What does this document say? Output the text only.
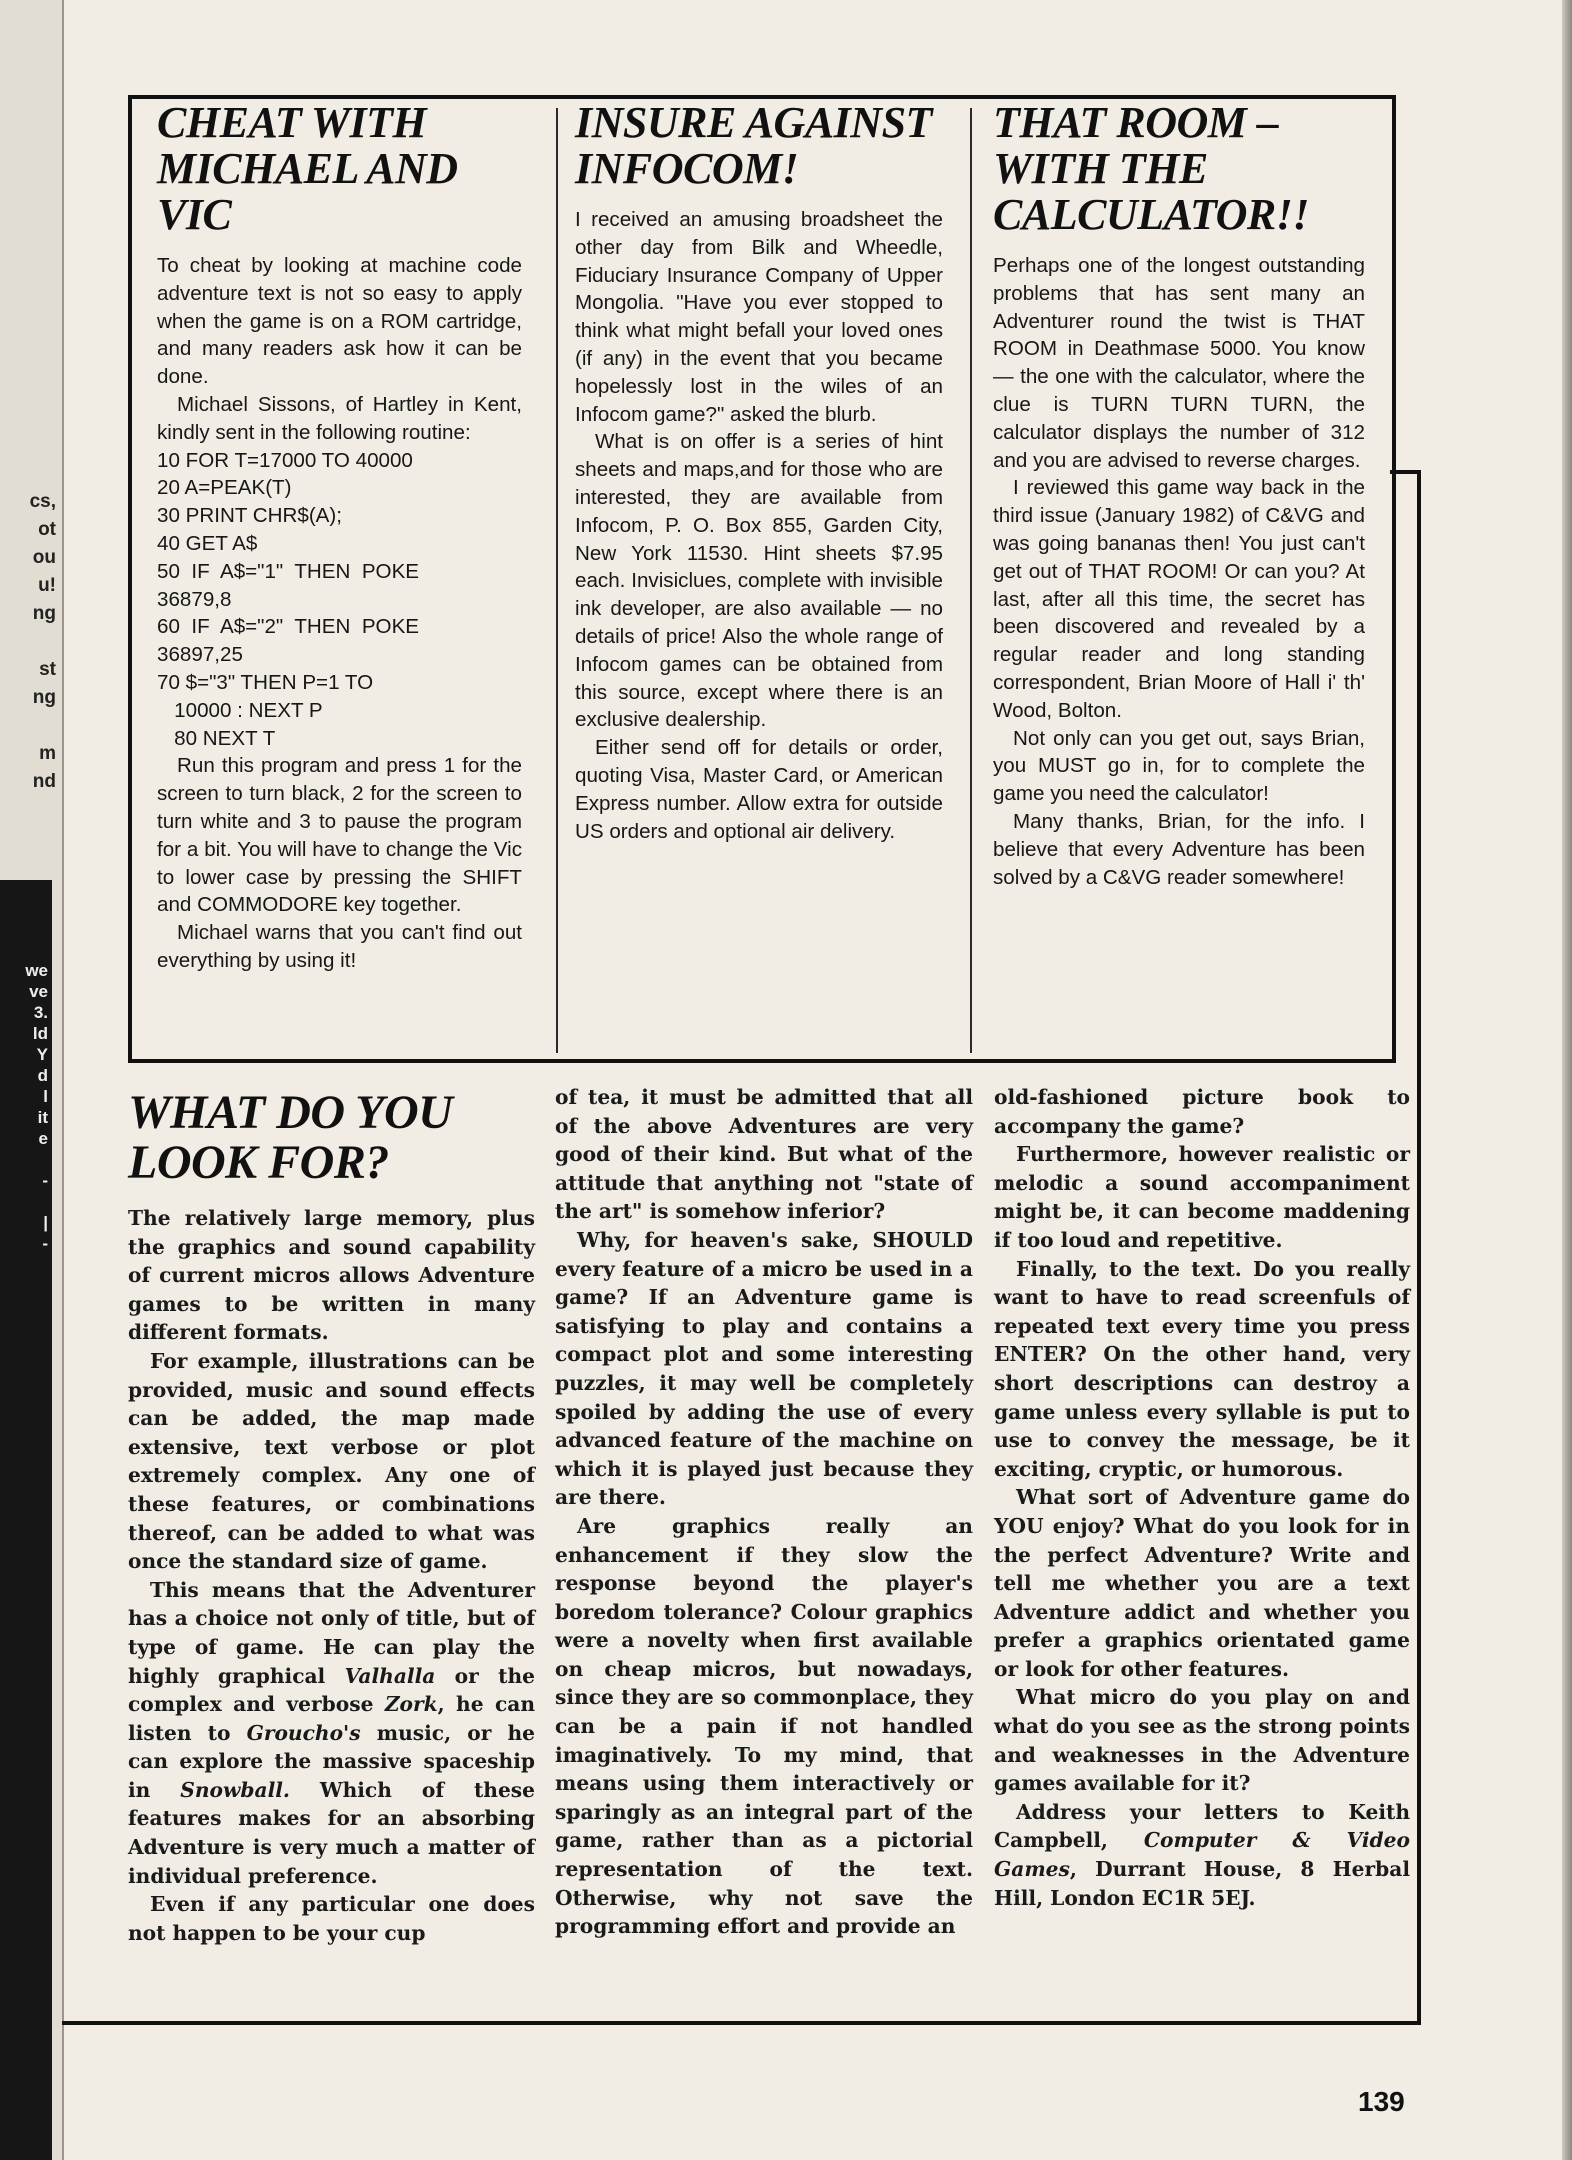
cs,
ot
ou
u!
ng

st
ng

m
nd
we
ve
3.
ld
Y
d
l
it
e

-

|
-
CHEAT WITH MICHAEL AND VIC

To cheat by looking at machine code adventure text is not so easy to apply when the game is on a ROM cartridge, and many readers ask how it can be done.

Michael Sissons, of Hartley in Kent, kindly sent in the following routine:

10 FOR T=17000 TO 40000
20 A=PEAK(T)
30 PRINT CHR$(A);
40 GET A$
50  IF  A$="1"  THEN  POKE
36879,8
60  IF  A$="2"  THEN  POKE
36897,25
70 $="3" THEN P=1 TO
10000 : NEXT P
80 NEXT T

Run this program and press 1 for the screen to turn black, 2 for the screen to turn white and 3 to pause the program for a bit. You will have to change the Vic to lower case by pressing the SHIFT and COMMODORE key together.

Michael warns that you can't find out everything by using it!

INSURE AGAINST INFOCOM!

I received an amusing broadsheet the other day from Bilk and Wheedle, Fiduciary Insurance Company of Upper Mongolia. "Have you ever stopped to think what might befall your loved ones (if any) in the event that you became hopelessly lost in the wiles of an Infocom game?" asked the blurb.

What is on offer is a series of hint sheets and maps,and for those who are interested, they are available from Infocom, P. O. Box 855, Garden City, New York 11530. Hint sheets $7.95 each. Invisiclues, complete with invisible ink developer, are also available — no details of price! Also the whole range of Infocom games can be obtained from this source, except where there is an exclusive dealership.

Either send off for details or order, quoting Visa, Master Card, or American Express number. Allow extra for outside US orders and optional air delivery.

THAT ROOM – WITH THE CALCULATOR!!

Perhaps one of the longest outstanding problems that has sent many an Adventurer round the twist is THAT ROOM in Deathmase 5000. You know — the one with the calculator, where the clue is TURN TURN TURN, the calculator displays the number of 312 and you are advised to reverse charges.

I reviewed this game way back in the third issue (January 1982) of C&VG and was going bananas then! You just can't get out of THAT ROOM! Or can you? At last, after all this time, the secret has been discovered and revealed by a regular reader and long standing correspondent, Brian Moore of Hall i' th' Wood, Bolton.

Not only can you get out, says Brian, you MUST go in, for to complete the game you need the calculator!

Many thanks, Brian, for the info. I believe that every Adventure has been solved by a C&VG reader somewhere!

WHAT DO YOU LOOK FOR?

The relatively large memory, plus the graphics and sound capability of current micros allows Adventure games to be written in many different formats.

For example, illustrations can be provided, music and sound effects can be added, the map made extensive, text verbose or plot extremely complex. Any one of these features, or combinations thereof, can be added to what was once the standard size of game.

This means that the Adventurer has a choice not only of title, but of type of game. He can play the highly graphical Valhalla or the complex and verbose Zork, he can listen to Groucho's music, or he can explore the massive spaceship in Snowball. Which of these features makes for an absorbing Adventure is very much a matter of individual preference.

Even if any particular one does not happen to be your cup

of tea, it must be admitted that all of the above Adventures are very good of their kind. But what of the attitude that anything not "state of the art" is somehow inferior?

Why, for heaven's sake, SHOULD every feature of a micro be used in a game? If an Adventure game is satisfying to play and contains a compact plot and some interesting puzzles, it may well be completely spoiled by adding the use of every advanced feature of the machine on which it is played just because they are there.

Are graphics really an enhancement if they slow the response beyond the player's boredom tolerance? Colour graphics were a novelty when first available on cheap micros, but nowadays, since they are so commonplace, they can be a pain if not handled imaginatively. To my mind, that means using them interactively or sparingly as an integral part of the game, rather than as a pictorial representation of the text. Otherwise, why not save the programming effort and provide an

old-fashioned picture book to accompany the game?

Furthermore, however realistic or melodic a sound accompaniment might be, it can become maddening if too loud and repetitive.

Finally, to the text. Do you really want to have to read screenfuls of repeated text every time you press ENTER? On the other hand, very short descriptions can destroy a game unless every syllable is put to use to convey the message, be it exciting, cryptic, or humorous.

What sort of Adventure game do YOU enjoy? What do you look for in the perfect Adventure? Write and tell me whether you are a text Adventure addict and whether you prefer a graphics orientated game or look for other features.

What micro do you play on and what do you see as the strong points and weaknesses in the Adventure games available for it?

Address your letters to Keith Campbell, Computer & Video Games, Durrant House, 8 Herbal Hill, London EC1R 5EJ.

139
